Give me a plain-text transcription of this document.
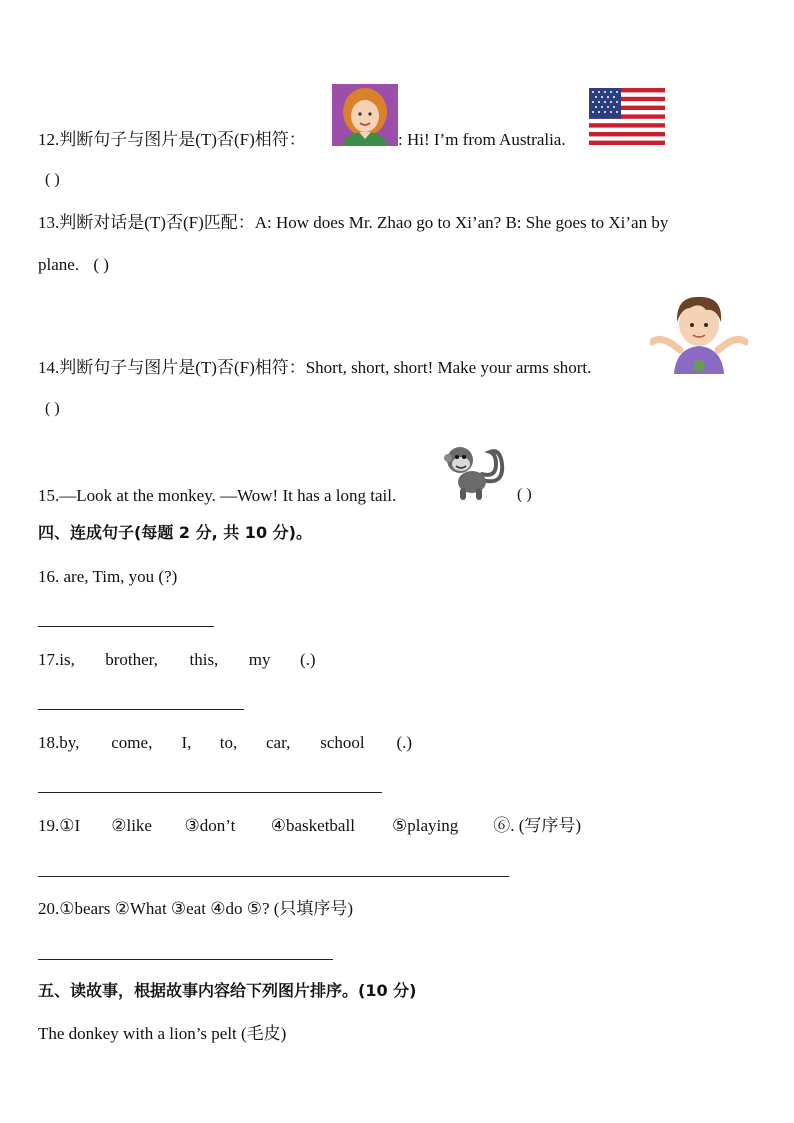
12.判断句子与图片是(T)否(F)相符：	: Hi! I’m from Australia.
( )
13.判断对话是(T)否(F)匹配：A: How does Mr. Zhao go to Xi’an? B: She goes to Xi’an by
plane. ( )
14.判断句子与图片是(T)否(F)相符：Short, short, short! Make your arms short.
( )
15.—Look at the monkey. —Wow! It has a long tail.	( )
四、连成句子(每题 2 分, 共 10 分)。
16. are, Tim, you (?)
17.is, brother, this, my (.)
18.by, come, I, to, car, school (.)
19.①I ②like ③don’t ④basketball ⑤playing ⑥. (写序号)
20.①bears ②What ③eat ④do ⑤? (只填序号)
五、读故事，根据故事内容给下列图片排序。(10 分)
The donkey with a lion’s pelt (毛皮)
